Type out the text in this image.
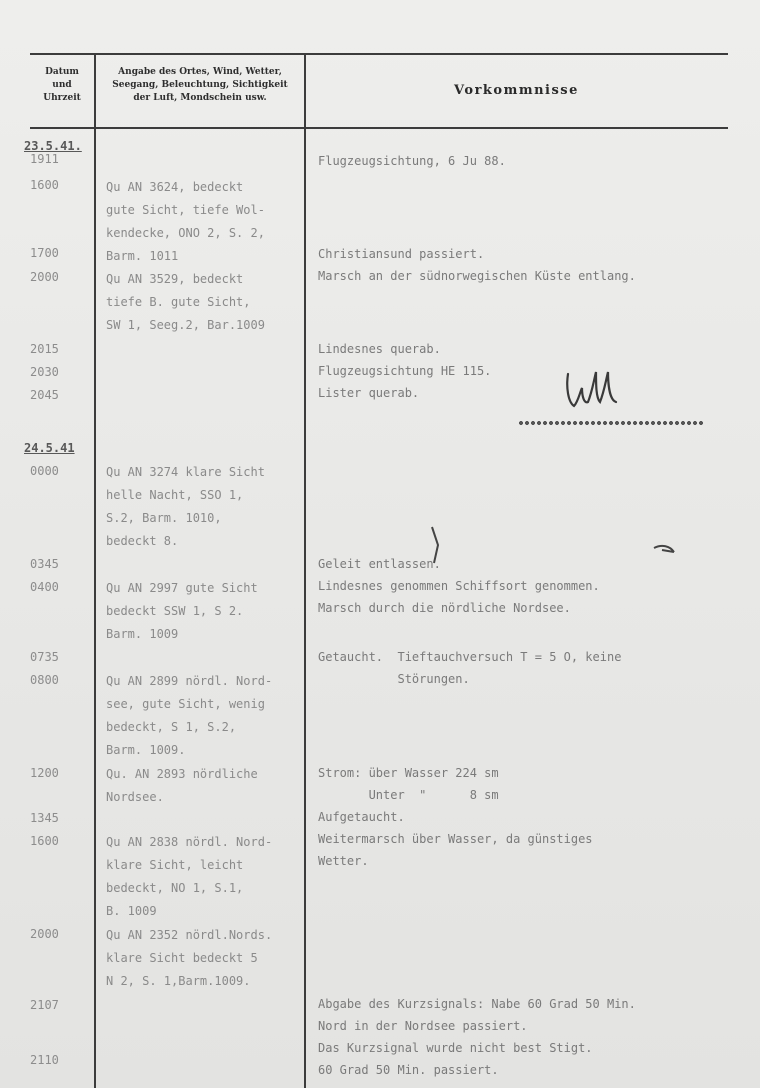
Datum
und
Uhrzeit
Angabe des Ortes, Wind, Wetter,
Seegang, Beleuchtung, Sichtigkeit
der Luft, Mondschein usw.	Vorkommnisse
23.5.41.
24.5.41
1911
1600
1700
2000
2015
2030
2045
0000
0345
0400
0735
0800
1200
1345
1600
2000
2107
2110
Qu AN 3624, bedeckt
gute Sicht, tiefe Wol-
kendecke, ONO 2, S. 2,
Barm. 1011
Qu AN 3529, bedeckt
tiefe B. gute Sicht,
SW 1, Seeg.2, Bar.1009
Qu AN 3274 klare Sicht
helle Nacht, SSO 1,
S.2, Barm. 1010,
bedeckt 8.
Qu AN 2997 gute Sicht
bedeckt SSW 1, S 2.
Barm. 1009
Qu AN 2899 nördl. Nord-
see, gute Sicht, wenig
bedeckt, S 1, S.2,
Barm. 1009.
Qu. AN 2893 nördliche
Nordsee.
Qu AN 2838 nördl. Nord-
klare Sicht, leicht
bedeckt, NO 1, S.1,
B. 1009
Qu AN 2352 nördl.Nords.
klare Sicht bedeckt 5
N 2, S. 1,Barm.1009.
Flugzeugsichtung, 6 Ju 88.
Christiansund passiert.
Marsch an der südnorwegischen Küste entlang.
Lindesnes querab.
Flugzeugsichtung HE 115.
Lister querab.
Geleit entlassen.
Lindesnes genommen Schiffsort genommen.
Marsch durch die nördliche Nordsee.
Getaucht.  Tieftauchversuch T = 5 O, keine
Störungen.
Strom: über Wasser 224 sm
Unter  "      8 sm
Aufgetaucht.
Weitermarsch über Wasser, da günstiges
Wetter.
Abgabe des Kurzsignals: Nabe 60 Grad 50 Min.
Nord in der Nordsee passiert.
Das Kurzsignal wurde nicht best Stigt.
60 Grad 50 Min. passiert.
